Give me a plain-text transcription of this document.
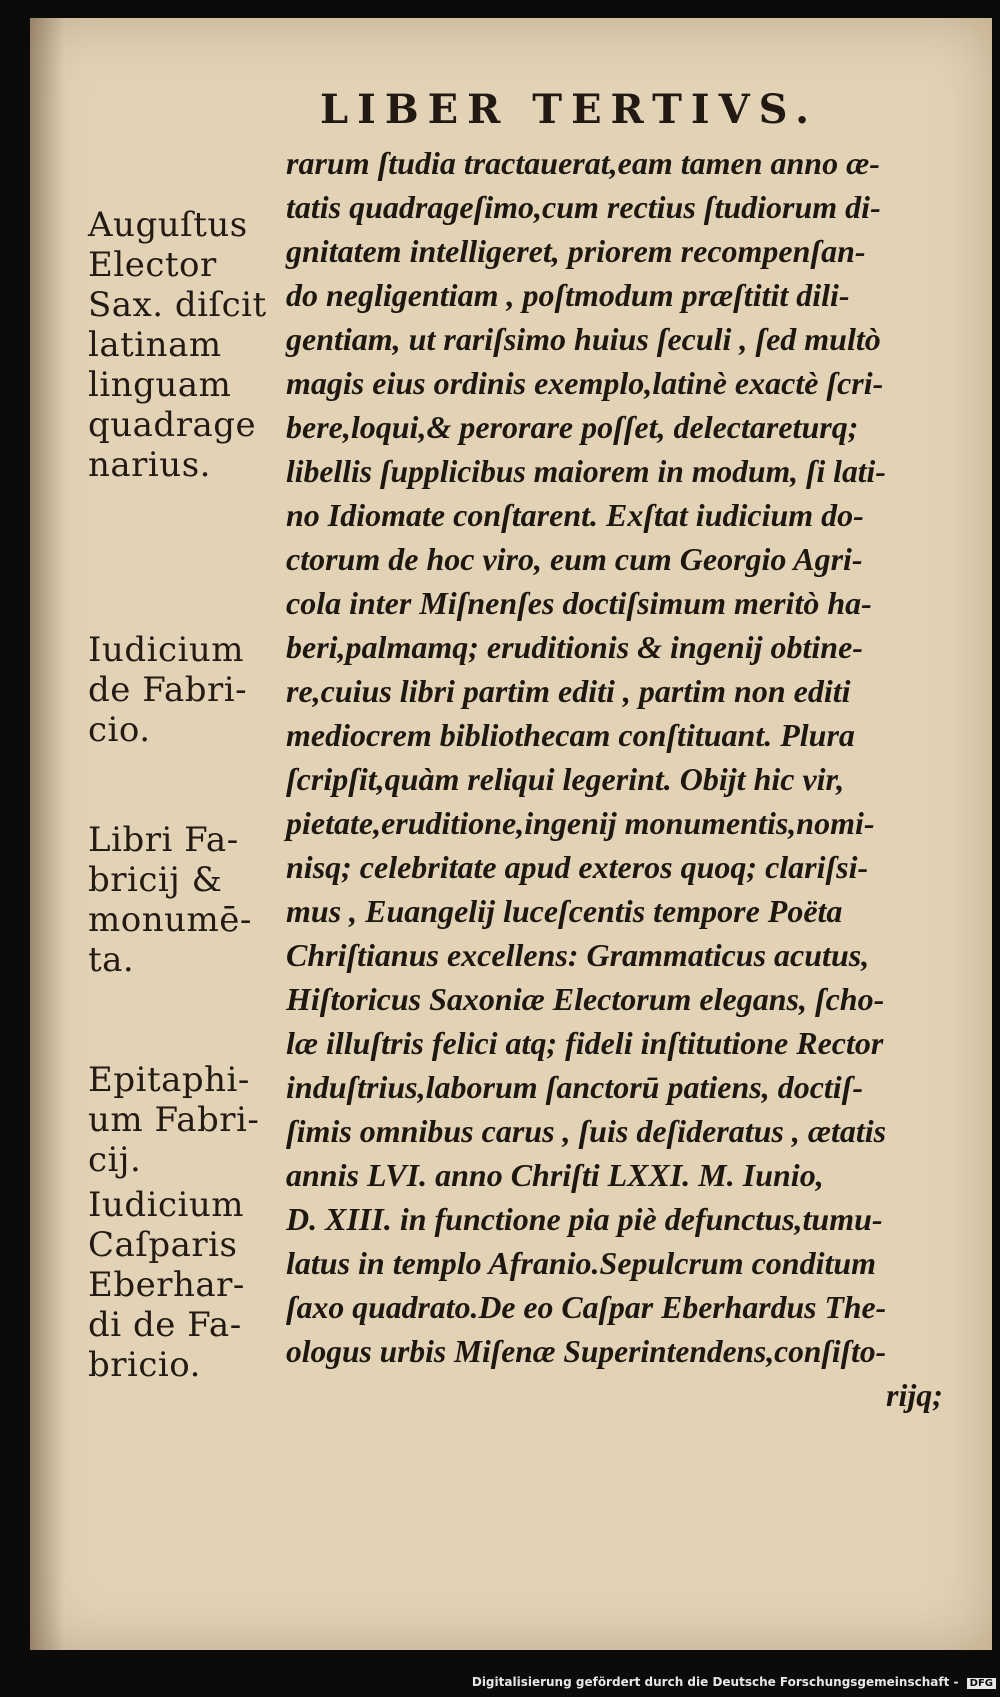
LIBER TERTIVS.
Auguſtus
Elector
Sax. diſcit
latinam
linguam
quadrage
narius.
Iudicium
de Fabri-
cio.
Libri Fa-
bricij &
monumē-
ta.
Epitaphi-
um Fabri-
cij.
Iudicium
Caſparis
Eberhar-
di de Fa-
bricio.
rarum ſtudia tractauerat,eam tamen anno æ-
tatis quadrageſimo,cum rectius ſtudiorum di-
gnitatem intelligeret, priorem recompenſan-
do negligentiam , poſtmodum præſtitit dili-
gentiam, ut rariſsimo huius ſeculi , ſed multò
magis eius ordinis exemplo,latinè exactè ſcri-
bere,loqui,& perorare poſſet, delectareturq;
libellis ſupplicibus maiorem in modum, ſi lati-
no Idiomate conſtarent. Exſtat iudicium do-
ctorum de hoc viro, eum cum Georgio Agri-
cola inter Miſnenſes doctiſsimum meritò ha-
beri,palmamq; eruditionis & ingenij obtine-
re,cuius libri partim editi , partim non editi
mediocrem bibliothecam conſtituant. Plura
ſcripſit,quàm reliqui legerint. Obijt hic vir,
pietate,eruditione,ingenij monumentis,nomi-
nisq; celebritate apud exteros quoq; clariſsi-
mus , Euangelij luceſcentis tempore Poëta
Chriſtianus excellens: Grammaticus acutus,
Hiſtoricus Saxoniæ Electorum elegans, ſcho-
læ illuſtris felici atq; fideli inſtitutione Rector
induſtrius,laborum ſanctorū patiens, doctiſ-
ſimis omnibus carus , ſuis deſideratus , ætatis
annis LVI. anno Chriſti LXXI. M. Iunio,
D. XIII. in functione pia piè defunctus,tumu-
latus in templo Afranio.Sepulcrum conditum
ſaxo quadrato.De eo Caſpar Eberhardus The-
ologus urbis Miſenæ Superintendens,conſiſto-
rijq;
Digitalisierung gefördert durch die Deutsche Forschungsgemeinschaft - DFG
